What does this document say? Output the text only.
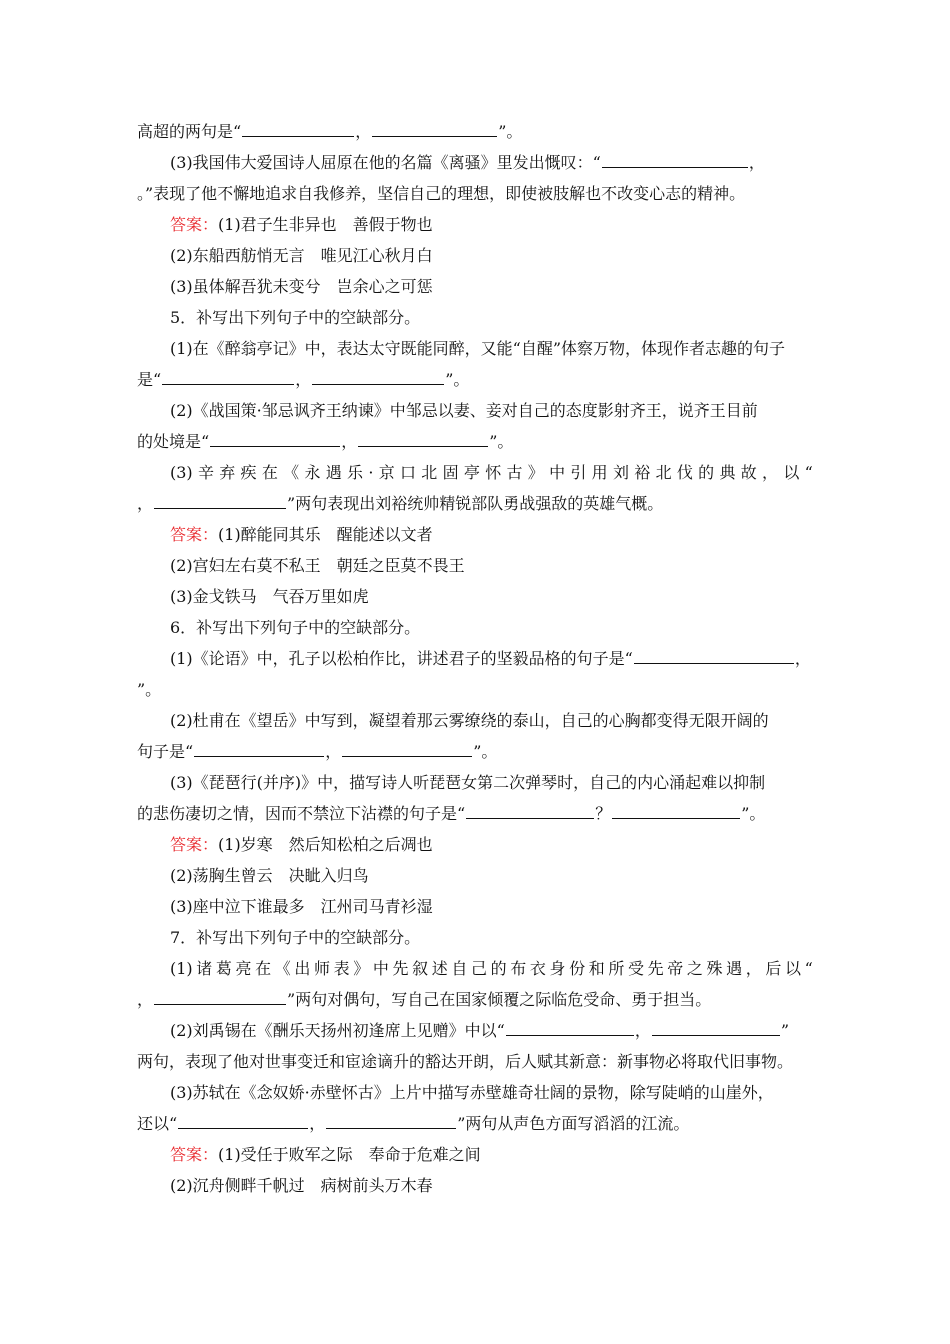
高超的两句是“	，	”。
(3)我国伟大爱国诗人屈原在他的名篇《离骚》里发出慨叹：“	，
。”表现了他不懈地追求自我修养，坚信自己的理想，即使被肢解也不改变心志的精神。
答案：(1)君子生非异也　善假于物也
(2)东船西舫悄无言　唯见江心秋月白
(3)虽体解吾犹未变兮　岂余心之可惩
5．补写出下列句子中的空缺部分。
(1)在《醉翁亭记》中，表达太守既能同醉，又能“自醒”体察万物，体现作者志趣的句子
是“	，	”。
(2)《战国策·邹忌讽齐王纳谏》中邹忌以妻、妾对自己的态度影射齐王，说齐王目前
的处境是“	，	”。
(3) 辛 弃 疾 在 《 永 遇 乐 · 京 口 北 固 亭 怀 古 》 中 引 用 刘 裕 北 伐 的 典 故 ， 以 “
，	”两句表现出刘裕统帅精锐部队勇战强敌的英雄气概。
答案：(1)醉能同其乐　醒能述以文者
(2)宫妇左右莫不私王　朝廷之臣莫不畏王
(3)金戈铁马　气吞万里如虎
6．补写出下列句子中的空缺部分。
(1)《论语》中，孔子以松柏作比，讲述君子的坚毅品格的句子是“	，
”。
(2)杜甫在《望岳》中写到，凝望着那云雾缭绕的泰山，自己的心胸都变得无限开阔的
句子是“	，	”。
(3)《琵琶行(并序)》中，描写诗人听琵琶女第二次弹琴时，自己的内心涌起难以抑制
的悲伤凄切之情，因而不禁泣下沾襟的句子是“	？	”。
答案：(1)岁寒　然后知松柏之后凋也
(2)荡胸生曾云　决眦入归鸟
(3)座中泣下谁最多　江州司马青衫湿
7．补写出下列句子中的空缺部分。
(1) 诸 葛 亮 在 《 出 师 表 》 中 先 叙 述 自 己 的 布 衣 身 份 和 所 受 先 帝 之 殊 遇 ， 后 以 “
，	”两句对偶句，写自己在国家倾覆之际临危受命、勇于担当。
(2)刘禹锡在《酬乐天扬州初逢席上见赠》中以“	，	”
两句，表现了他对世事变迁和宦途谪升的豁达开朗，后人赋其新意：新事物必将取代旧事物。
(3)苏轼在《念奴娇·赤壁怀古》上片中描写赤壁雄奇壮阔的景物，除写陡峭的山崖外，
还以“	，	”两句从声色方面写滔滔的江流。
答案：(1)受任于败军之际　奉命于危难之间
(2)沉舟侧畔千帆过　病树前头万木春
